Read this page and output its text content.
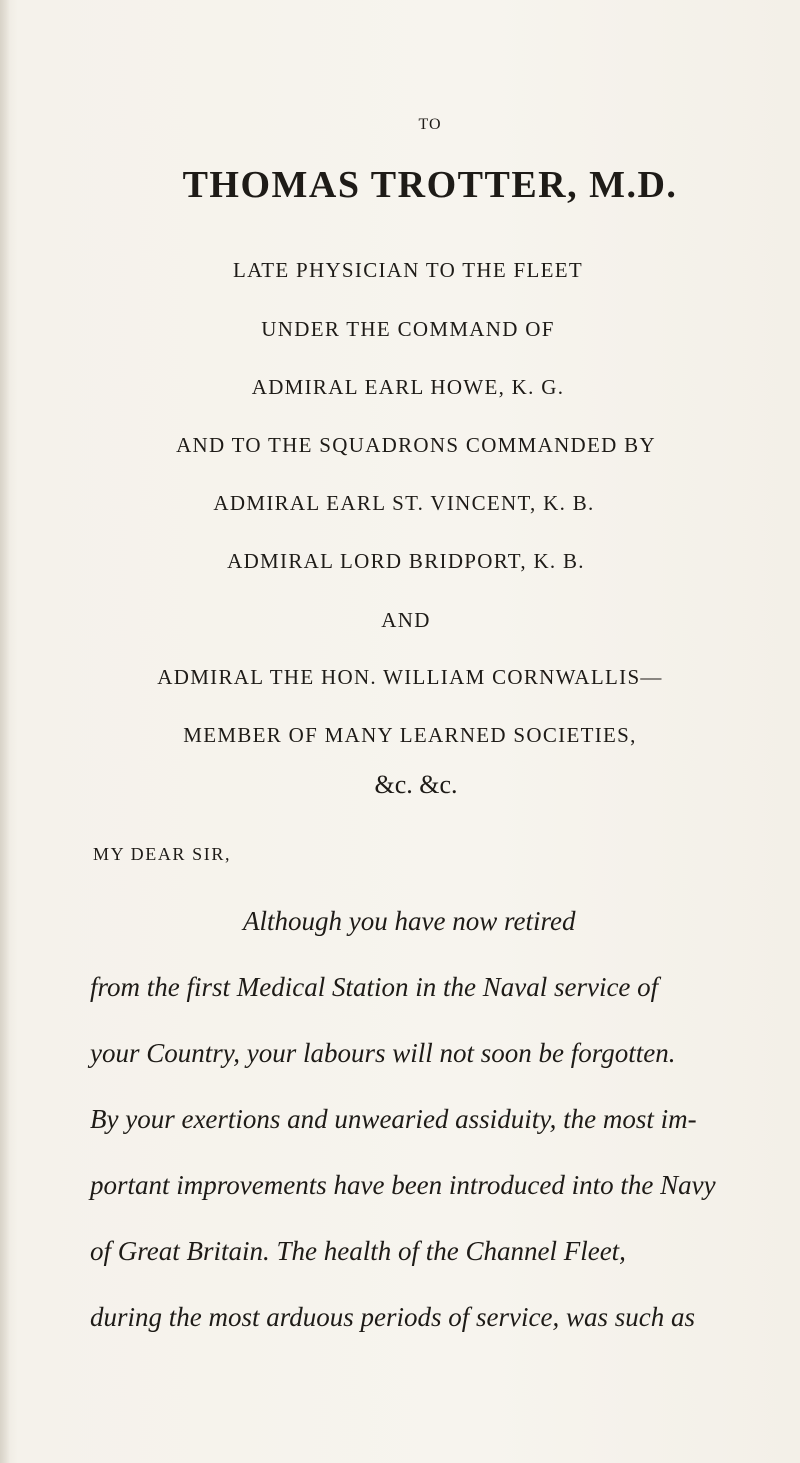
TO
THOMAS TROTTER, M.D.
LATE PHYSICIAN TO THE FLEET
UNDER THE COMMAND OF
ADMIRAL EARL HOWE, K. G.
AND TO THE SQUADRONS COMMANDED BY
ADMIRAL EARL ST. VINCENT, K. B.
ADMIRAL LORD BRIDPORT, K. B.
AND
ADMIRAL THE HON. WILLIAM CORNWALLIS—
MEMBER OF MANY LEARNED SOCIETIES,
&c. &c.
MY DEAR SIR,
Although you have now retired
from the first Medical Station in the Naval service of
your Country, your labours will not soon be forgotten.
By your exertions and unwearied assiduity, the most im-
portant improvements have been introduced into the Navy
of Great Britain. The health of the Channel Fleet,
during the most arduous periods of service, was such as
